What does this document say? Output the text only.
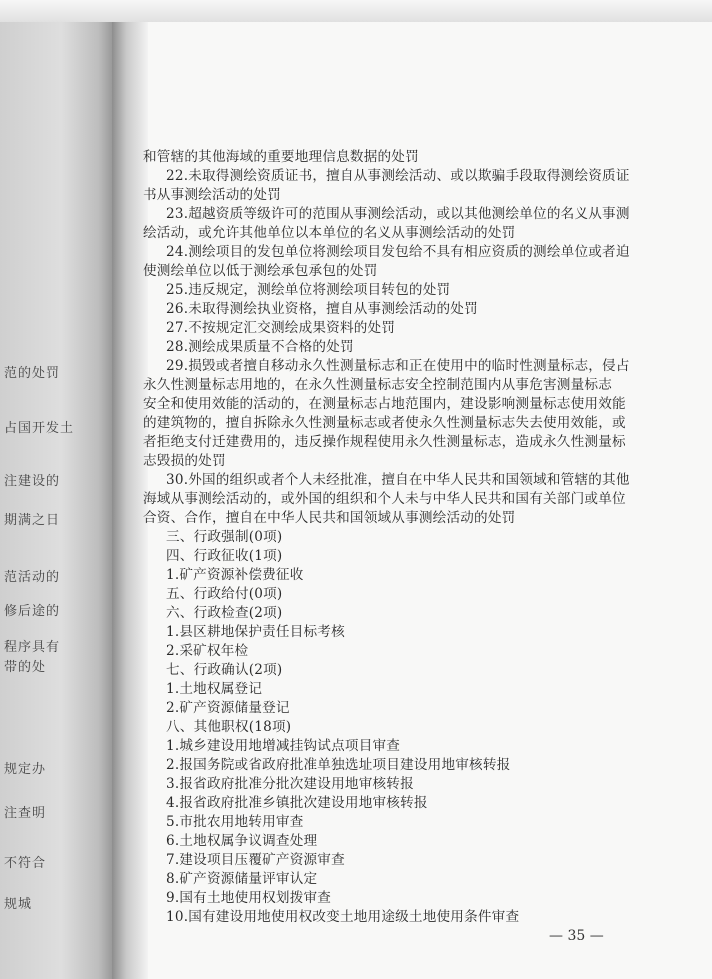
范的处罚
占国开发土
注建设的
期满之日
范活动的
修后途的
程序具有
带的处
规定办
注查明
不符合
规城
和管辖的其他海域的重要地理信息数据的处罚
22.未取得测绘资质证书，擅自从事测绘活动、或以欺骗手段取得测绘资质证
书从事测绘活动的处罚
23.超越资质等级许可的范围从事测绘活动，或以其他测绘单位的名义从事测
绘活动，或允许其他单位以本单位的名义从事测绘活动的处罚
24.测绘项目的发包单位将测绘项目发包给不具有相应资质的测绘单位或者迫
使测绘单位以低于测绘承包承包的处罚
25.违反规定，测绘单位将测绘项目转包的处罚
26.未取得测绘执业资格，擅自从事测绘活动的处罚
27.不按规定汇交测绘成果资料的处罚
28.测绘成果质量不合格的处罚
29.损毁或者擅自移动永久性测量标志和正在使用中的临时性测量标志，侵占
永久性测量标志用地的，在永久性测量标志安全控制范围内从事危害测量标志
安全和使用效能的活动的，在测量标志占地范围内，建设影响测量标志使用效能
的建筑物的，擅自拆除永久性测量标志或者使永久性测量标志失去使用效能，或
者拒绝支付迁建费用的，违反操作规程使用永久性测量标志，造成永久性测量标
志毁损的处罚
30.外国的组织或者个人未经批准，擅自在中华人民共和国领域和管辖的其他
海域从事测绘活动的，或外国的组织和个人未与中华人民共和国有关部门或单位
合资、合作，擅自在中华人民共和国领域从事测绘活动的处罚
三、行政强制(0项)
四、行政征收(1项)
1.矿产资源补偿费征收
五、行政给付(0项)
六、行政检查(2项)
1.县区耕地保护责任目标考核
2.采矿权年检
七、行政确认(2项)
1.土地权属登记
2.矿产资源储量登记
八、其他职权(18项)
1.城乡建设用地增减挂钩试点项目审查
2.报国务院或省政府批准单独选址项目建设用地审核转报
3.报省政府批准分批次建设用地审核转报
4.报省政府批准乡镇批次建设用地审核转报
5.市批农用地转用审查
6.土地权属争议调查处理
7.建设项目压覆矿产资源审查
8.矿产资源储量评审认定
9.国有土地使用权划拨审查
10.国有建设用地使用权改变土地用途级土地使用条件审查
— 35 —
